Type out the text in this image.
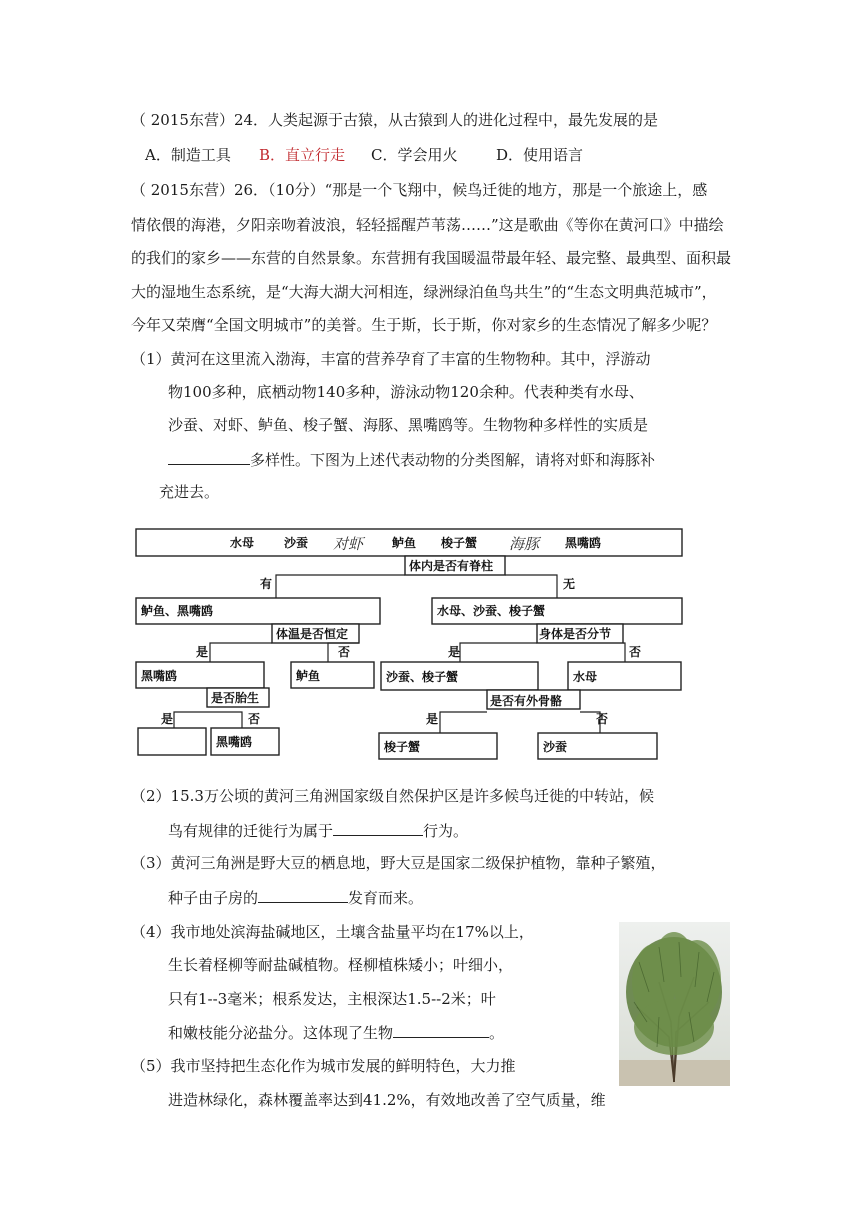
（ 2015东营）24．人类起源于古猿，从古猿到人的进化过程中，最先发展的是
A．制造工具 B．直立行走 C．学会用火	D．使用语言
（ 2015东营）26．（10分）“那是一个飞翔中，候鸟迁徙的地方，那是一个旅途上，感
情依偎的海港，夕阳亲吻着波浪，轻轻摇醒芦苇荡……”这是歌曲《等你在黄河口》中描绘
的我们的家乡——东营的自然景象。东营拥有我国暖温带最年轻、最完整、最典型、面积最
大的湿地生态系统，是“大海大湖大河相连，绿洲绿泊鱼鸟共生”的“生态文明典范城市”，
今年又荣膺“全国文明城市”的美誉。生于斯，长于斯，你对家乡的生态情况了解多少呢？
（1）黄河在这里流入渤海，丰富的营养孕育了丰富的生物物种。其中，浮游动
物100多种，底栖动物140多种，游泳动物120余种。代表种类有水母、
沙蚕、对虾、鲈鱼、梭子蟹、海豚、黑嘴鸥等。生物物种多样性的实质是
多样性。下图为上述代表动物的分类图解，请将对虾和海豚补
充进去。
水母 沙蚕 对虾 鲈鱼 梭子蟹 海豚 黑嘴鸥
体内是否有脊柱
有	无
鲈鱼、黑嘴鸥
体温是否恒定
是	否
黑嘴鸥	鲈鱼
是否胎生
是	否
黑嘴鸥
水母、沙蚕、梭子蟹
身体是否分节
是	否
沙蚕、梭子蟹	水母
是否有外骨骼
是	否
梭子蟹	沙蚕
（2）15.3万公顷的黄河三角洲国家级自然保护区是许多候鸟迁徙的中转站，候
鸟有规律的迁徙行为属于	行为。
（3）黄河三角洲是野大豆的栖息地，野大豆是国家二级保护植物，靠种子繁殖，
种子由子房的	发育而来。
（4）我市地处滨海盐碱地区，土壤含盐量平均在17%以上，
生长着柽柳等耐盐碱植物。柽柳植株矮小；叶细小，
只有1--3毫米；根系发达，主根深达1.5--2米；叶
和嫩枝能分泌盐分。这体现了生物	。
（5）我市坚持把生态化作为城市发展的鲜明特色，大力推
进造林绿化，森林覆盖率达到41.2%，有效地改善了空气质量，维
